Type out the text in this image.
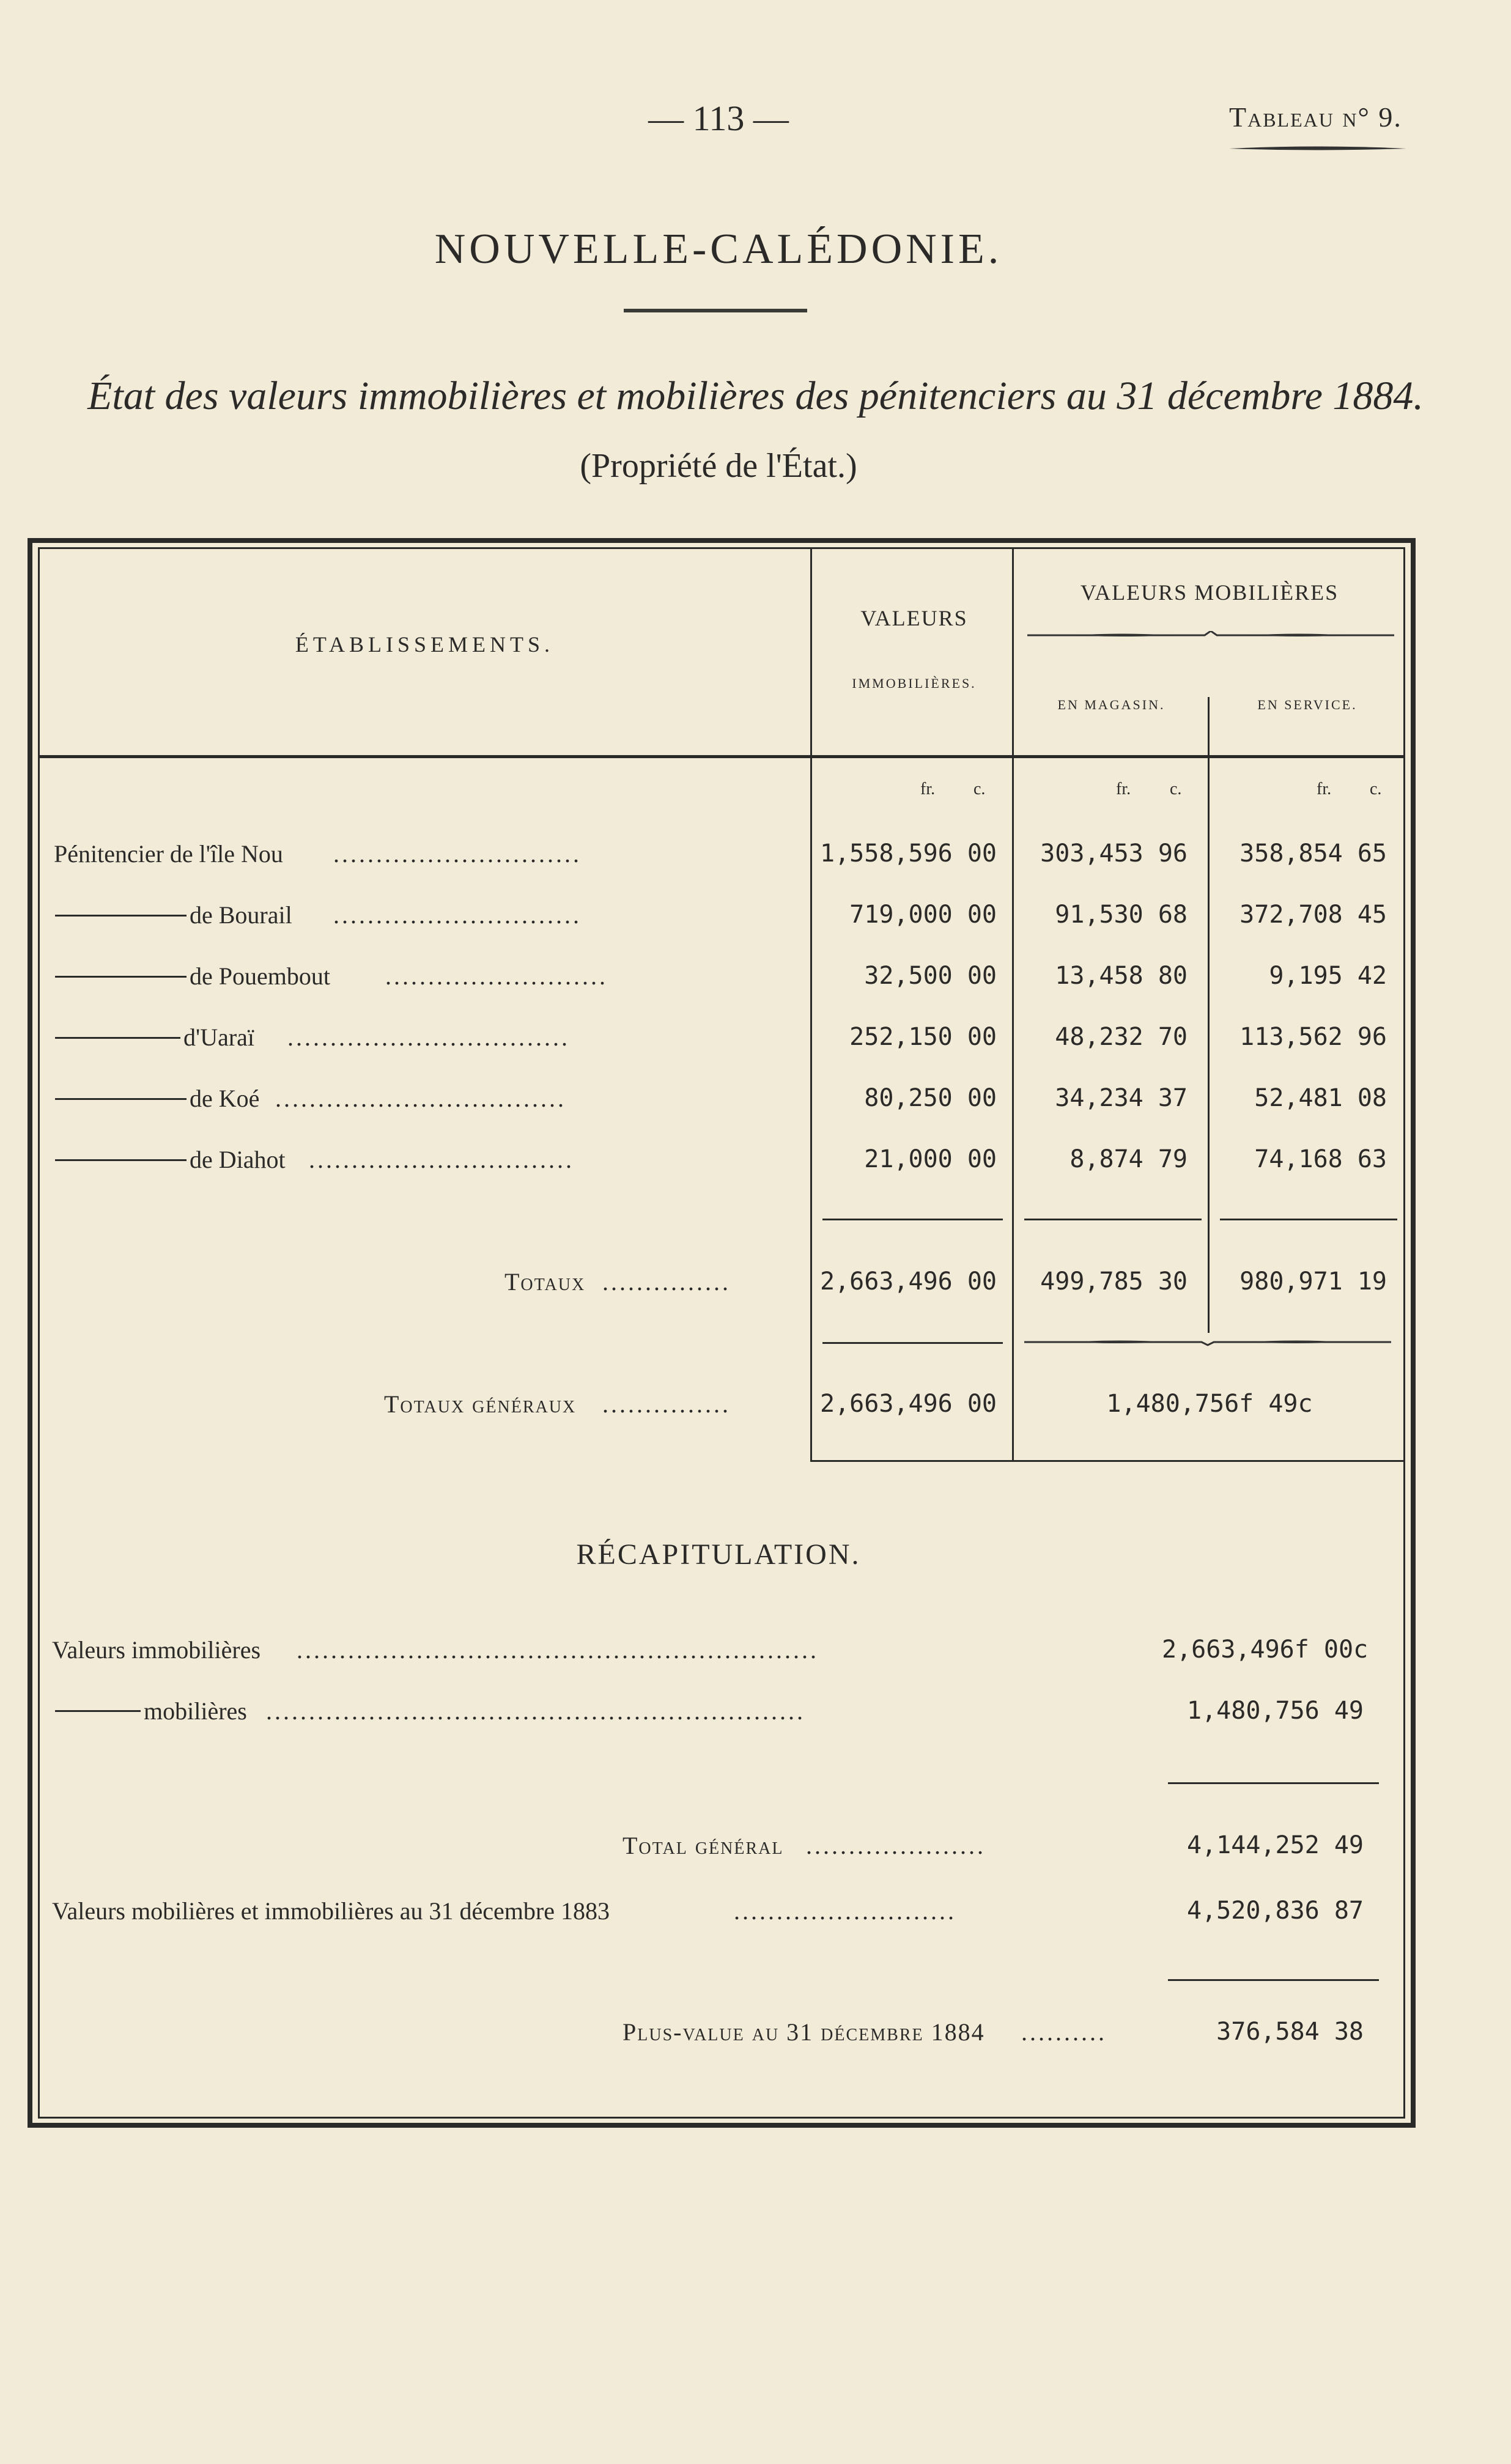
— 113 —	Tableau n° 9.
NOUVELLE-CALÉDONIE.
État des valeurs immobilières et mobilières des pénitenciers au 31 décembre 1884.
(Propriété de l'État.)
ÉTABLISSEMENTS.
VALEURS
IMMOBILIÈRES.
VALEURS MOBILIÈRES
EN MAGASIN.	EN SERVICE.
fr. c.	fr. c.	fr. c.
Pénitencier de l'île Nou .............................	1,558,596 00	303,453 96	358,854 65
de Bourail .............................	719,000 00	91,530 68	372,708 45
de Pouembout ..........................	32,500 00	13,458 80	9,195 42
d'Uaraï .................................	252,150 00	48,232 70	113,562 96
de Koé ..................................	80,250 00	34,234 37	52,481 08
de Diahot ...............................	21,000 00	8,874 79	74,168 63
Totaux ...............	2,663,496 00	499,785 30	980,971 19
Totaux généraux ...............	2,663,496 00	1,480,756f 49c
RÉCAPITULATION.
Valeurs immobilières .............................................................	2,663,496f 00c
mobilières ...............................................................	1,480,756 49
Total général .....................	4,144,252 49
Valeurs mobilières et immobilières au 31 décembre 1883	..........................	4,520,836 87
Plus-value au 31 décembre 1884 ..........	376,584 38
